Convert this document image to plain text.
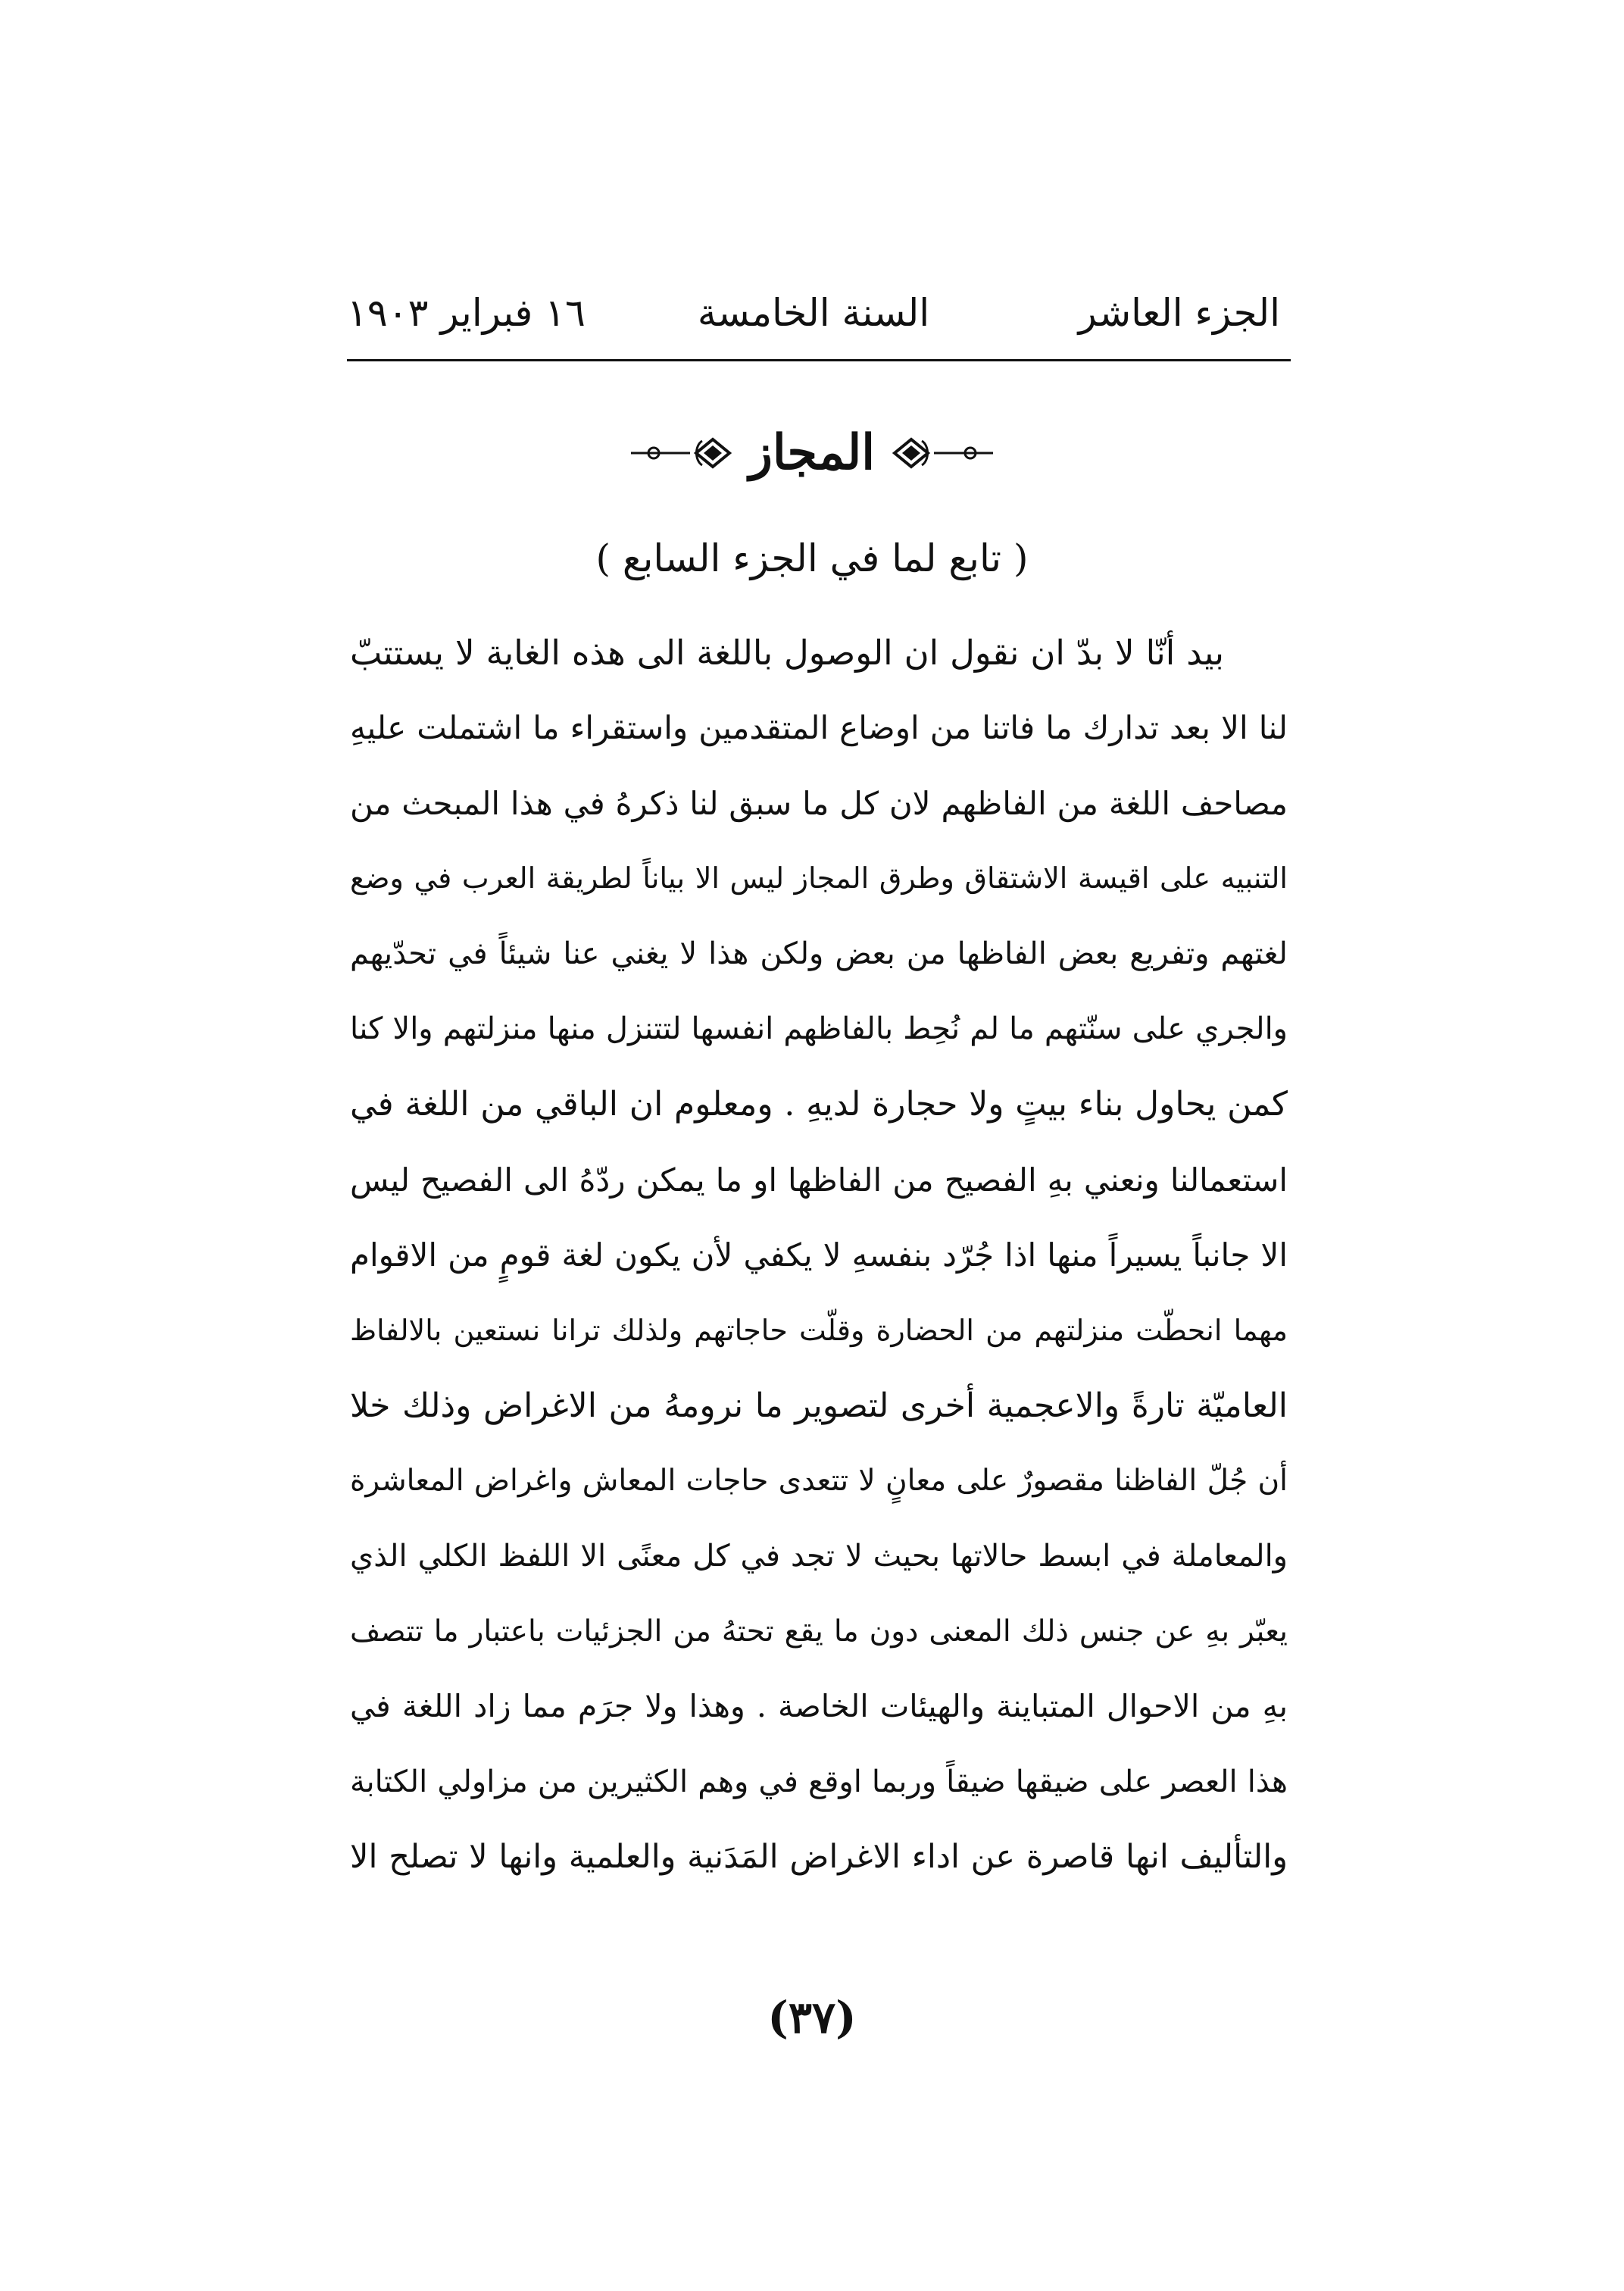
الجزء العاشر
السنة الخامسة
١٦ فبراير ١٩٠٣
المجاز
( تابع لما في الجزء السابع )
بيد أنّا لا بدّ ان نقول ان الوصول باللغة الى هذه الغاية لا يستتبّ
لنا الا بعد تدارك ما فاتنا من اوضاع المتقدمين واستقراء ما اشتملت عليهِ
مصاحف اللغة من الفاظهم لان كل ما سبق لنا ذكرهُ في هذا المبحث من
التنبيه على اقيسة الاشتقاق وطرق المجاز ليس الا بياناً لطريقة العرب في وضع
لغتهم وتفريع بعض الفاظها من بعض ولكن هذا لا يغني عنا شيئاً في تحدّيهم
والجري على سنّتهم ما لم نُحِط بالفاظهم انفسها لتتنزل منها منزلتهم والا كنا
كمن يحاول بناء بيتٍ ولا حجارة لديهِ . ومعلوم ان الباقي من اللغة في
استعمالنا ونعني بهِ الفصيح من الفاظها او ما يمكن ردّهُ الى الفصيح ليس
الا جانباً يسيراً منها اذا جُرّد بنفسهِ لا يكفي لأن يكون لغة قومٍ من الاقوام
مهما انحطّت منزلتهم من الحضارة وقلّت حاجاتهم ولذلك ترانا نستعين بالالفاظ
العاميّة تارةً والاعجمية أخرى لتصوير ما نرومهُ من الاغراض وذلك خلا
أن جُلّ الفاظنا مقصورٌ على معانٍ لا تتعدى حاجات المعاش واغراض المعاشرة
والمعاملة في ابسط حالاتها بحيث لا تجد في كل معنًى الا اللفظ الكلي الذي
يعبّر بهِ عن جنس ذلك المعنى دون ما يقع تحتهُ من الجزئيات باعتبار ما تتصف
بهِ من الاحوال المتباينة والهيئات الخاصة . وهذا ولا جرَم مما زاد اللغة في
هذا العصر على ضيقها ضيقاً وربما اوقع في وهم الكثيرين من مزاولي الكتابة
والتأليف انها قاصرة عن اداء الاغراض المَدَنية والعلمية وانها لا تصلح الا
(٣٧)
